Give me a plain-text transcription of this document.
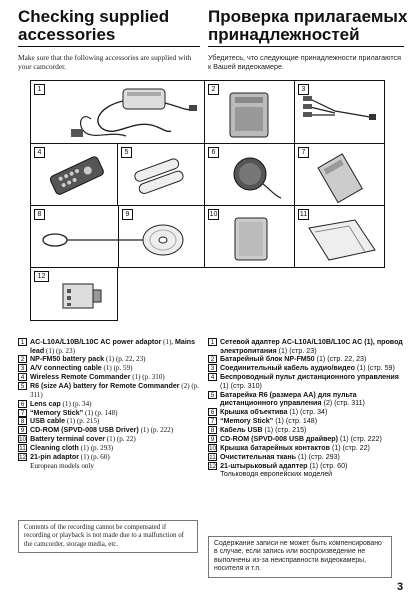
Checking supplied
accessories
Проверка прилагаемых
принадлежностей
Make sure that the following accessories are supplied with your camcorder.
Убедитесь, что следующие принадлежности прилагаются к Вашей видеокамере.
1	2	3
4	5	6	7
8	9	10	11
12
1 AC-L10A/L10B/L10C AC power adaptor (1), Mains lead (1) (p. 23)
2 NP-FM50 battery pack (1) (p. 22, 23)
3 A/V connecting cable (1) (p. 59)
4 Wireless Remote Commander (1) (p. 310)
5 R6 (size AA) battery for Remote Commander (2) (p. 311)
6 Lens cap (1) (p. 34)
7 “Memory Stick” (1) (p. 148)
8 USB cable (1) (p. 215)
9 CD-ROM (SPVD-008 USB Driver) (1) (p. 222)
10 Battery terminal cover (1) (p. 22)
11 Cleaning cloth (1) (p. 293)
12 21-pin adaptor (1) (p. 60)
European models only
1 Сетевой адаптер AC-L10A/L10B/L10C AC (1), провод электропитания (1) (стр. 23)
2 Батарейный блок NP-FM50 (1) (стр. 22, 23)
3 Соединительный кабель аудио/видео (1) (стр. 59)
4 Беспроводный пульт дистанционного управления (1) (стр. 310)
5 Батарейка R6 (размера AA) для пульта дистанционного управления (2) (стр. 311)
6 Крышка объектива (1) (стр. 34)
7 “Memory Stick” (1) (стр. 148)
8 Кабель USB (1) (стр. 215)
9 CD-ROM (SPVD-008 USB драйвер) (1) (стр. 222)
10 Крышка батарейных контактов (1) (стр. 22)
11 Очистительная ткань (1) (стр. 293)
12 21-штырьковый адаптер (1) (стр. 60)
Тольководя европейских моделей
Contents of the recording cannot be compensated if recording or playback is not made due to a malfunction of the camcorder, storage media, etc.	Содержание записи не может быть компенсировано в случае, если запись или воспроизведение не выполнены из-за неисправности видеокамеры, носителя и т.п.
3
